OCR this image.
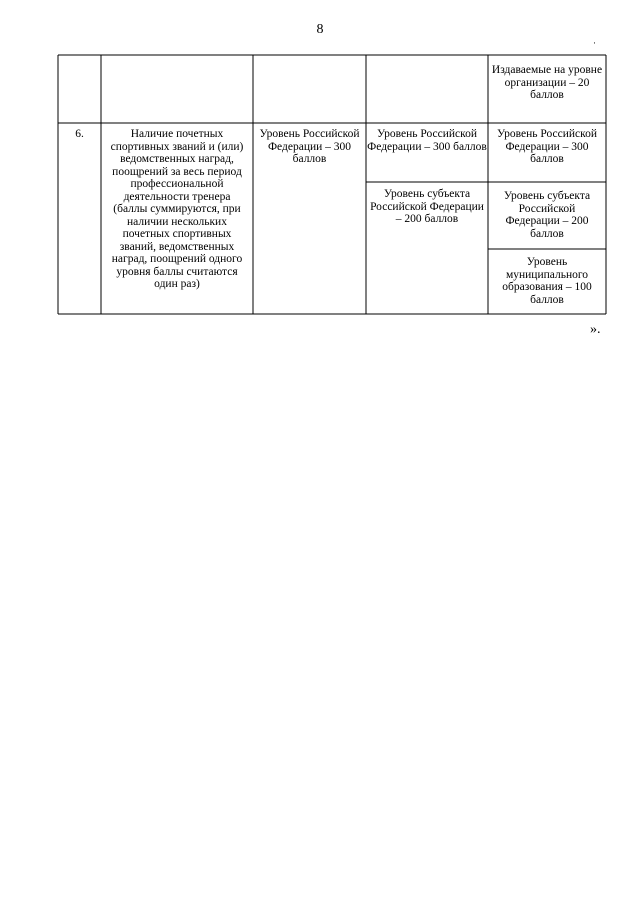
8
·
Издаваемые на уровне организации – 20 баллов
6.	Наличие почетных спортивных званий и (или) ведомственных наград, поощрений за весь период профессиональной деятельности тренера (баллы суммируются, при наличии нескольких почетных спортивных званий, ведомственных наград, поощрений одного уровня баллы считаются один раз)
Уровень Российской Федерации – 300 баллов
Уровень Российской Федерации – 300 баллов
Уровень субъекта Российской Федерации – 200 баллов
Уровень Российской Федерации – 300 баллов
Уровень субъекта Российской Федерации – 200 баллов
Уровень муниципального образования – 100 баллов
».
